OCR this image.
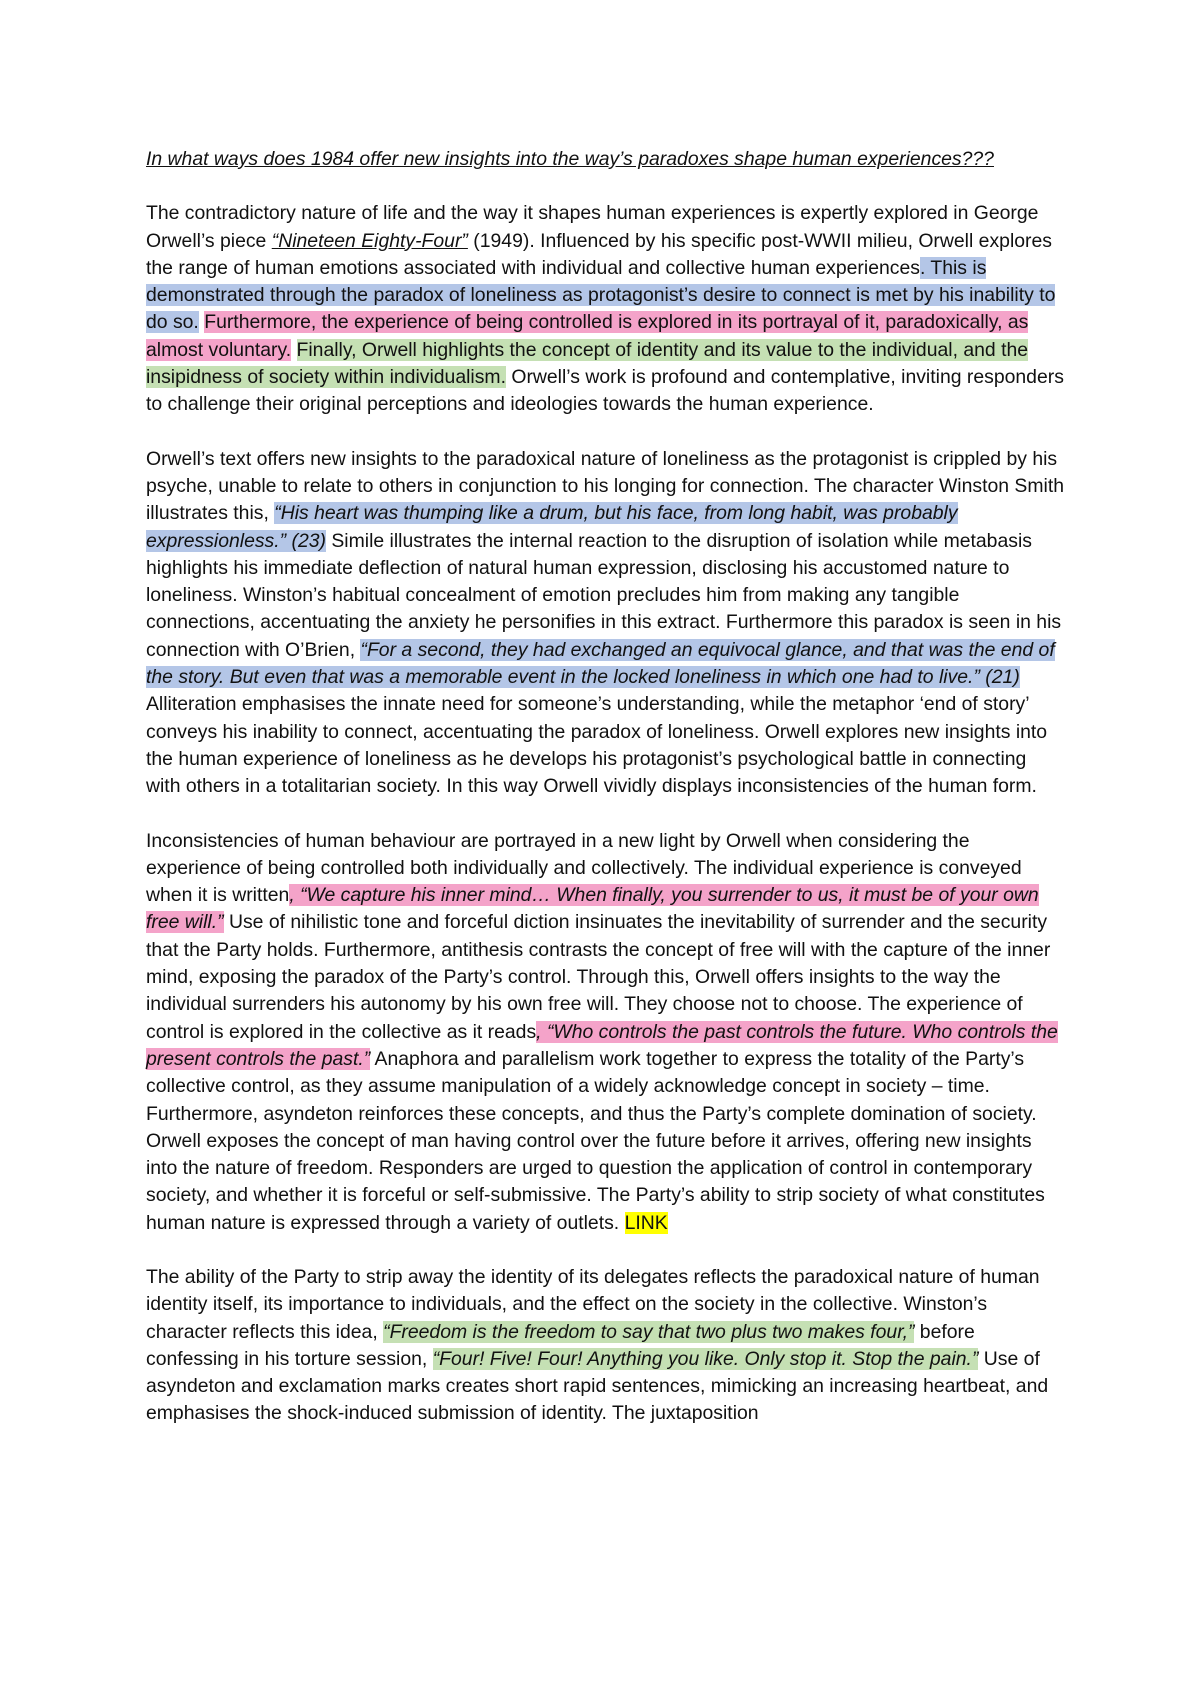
In what ways does 1984 offer new insights into the way’s paradoxes shape human experiences???

The contradictory nature of life and the way it shapes human experiences is expertly explored in George Orwell’s piece “Nineteen Eighty-Four” (1949). Influenced by his specific post-WWII milieu, Orwell explores the range of human emotions associated with individual and collective human experiences. This is demonstrated through the paradox of loneliness as protagonist’s desire to connect is met by his inability to do so. Furthermore, the experience of being controlled is explored in its portrayal of it, paradoxically, as almost voluntary. Finally, Orwell highlights the concept of identity and its value to the individual, and the insipidness of society within individualism. Orwell’s work is profound and contemplative, inviting responders to challenge their original perceptions and ideologies towards the human experience.

Orwell’s text offers new insights to the paradoxical nature of loneliness as the protagonist is crippled by his psyche, unable to relate to others in conjunction to his longing for connection. The character Winston Smith illustrates this, “His heart was thumping like a drum, but his face, from long habit, was probably expressionless.” (23) Simile illustrates the internal reaction to the disruption of isolation while metabasis highlights his immediate deflection of natural human expression, disclosing his accustomed nature to loneliness. Winston’s habitual concealment of emotion precludes him from making any tangible connections, accentuating the anxiety he personifies in this extract. Furthermore this paradox is seen in his connection with O’Brien, “For a second, they had exchanged an equivocal glance, and that was the end of the story. But even that was a memorable event in the locked loneliness in which one had to live.” (21) Alliteration emphasises the innate need for someone’s understanding, while the metaphor ‘end of story’ conveys his inability to connect, accentuating the paradox of loneliness. Orwell explores new insights into the human experience of loneliness as he develops his protagonist’s psychological battle in connecting with others in a totalitarian society. In this way Orwell vividly displays inconsistencies of the human form.

Inconsistencies of human behaviour are portrayed in a new light by Orwell when considering the experience of being controlled both individually and collectively. The individual experience is conveyed when it is written, “We capture his inner mind… When finally, you surrender to us, it must be of your own free will.” Use of nihilistic tone and forceful diction insinuates the inevitability of surrender and the security that the Party holds. Furthermore, antithesis contrasts the concept of free will with the capture of the inner mind, exposing the paradox of the Party’s control. Through this, Orwell offers insights to the way the individual surrenders his autonomy by his own free will. They choose not to choose. The experience of control is explored in the collective as it reads, “Who controls the past controls the future. Who controls the present controls the past.” Anaphora and parallelism work together to express the totality of the Party’s collective control, as they assume manipulation of a widely acknowledge concept in society – time. Furthermore, asyndeton reinforces these concepts, and thus the Party’s complete domination of society. Orwell exposes the concept of man having control over the future before it arrives, offering new insights into the nature of freedom. Responders are urged to question the application of control in contemporary society, and whether it is forceful or self-submissive. The Party’s ability to strip society of what constitutes human nature is expressed through a variety of outlets. LINK

The ability of the Party to strip away the identity of its delegates reflects the paradoxical nature of human identity itself, its importance to individuals, and the effect on the society in the collective. Winston’s character reflects this idea, “Freedom is the freedom to say that two plus two makes four,” before confessing in his torture session, “Four! Five! Four! Anything you like. Only stop it. Stop the pain.” Use of asyndeton and exclamation marks creates short rapid sentences, mimicking an increasing heartbeat, and emphasises the shock-induced submission of identity. The juxtaposition
